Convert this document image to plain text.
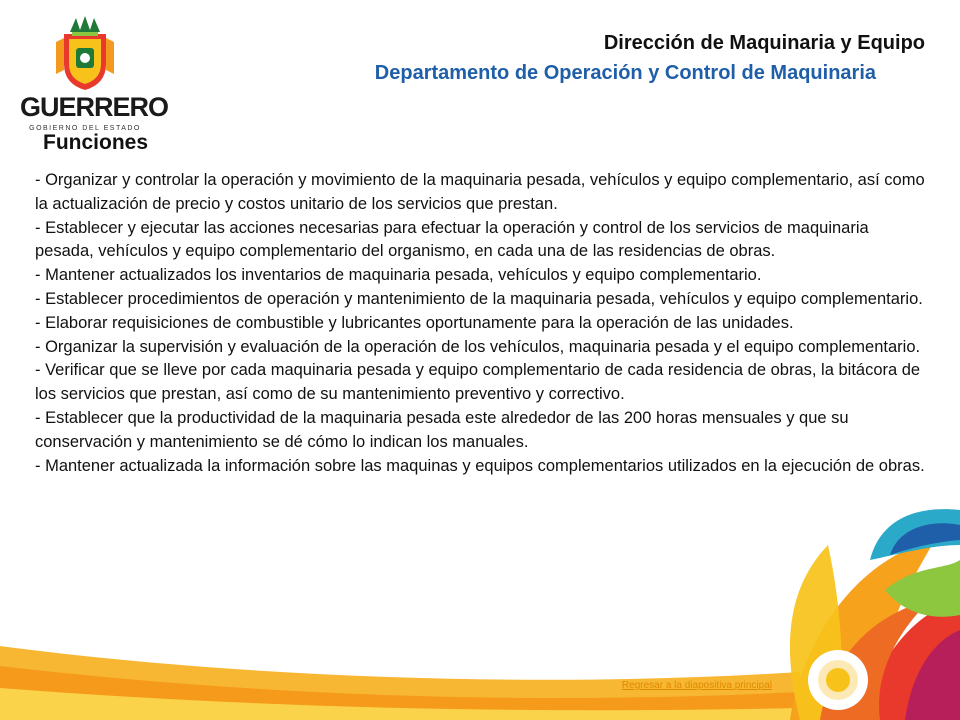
GUERRERO
GOBIERNO DEL ESTADO
Dirección de Maquinaria y Equipo
Departamento de Operación y Control de Maquinaria
Funciones

- Organizar y controlar la operación y movimiento de la maquinaria pesada, vehículos y equipo complementario, así como la actualización de precio y costos unitario de los servicios que prestan.

- Establecer y ejecutar las acciones necesarias para efectuar la operación y control de los servicios de maquinaria pesada, vehículos y equipo complementario del organismo, en cada una de las residencias de obras.

- Mantener actualizados los inventarios de maquinaria pesada, vehículos y equipo complementario.

- Establecer procedimientos de operación y mantenimiento de la maquinaria pesada, vehículos y equipo complementario.

- Elaborar requisiciones de combustible y lubricantes oportunamente para la operación de las unidades.

- Organizar la supervisión y evaluación de la operación de los vehículos, maquinaria pesada y el equipo complementario.

- Verificar que se lleve por cada maquinaria pesada y equipo complementario de cada residencia de obras, la bitácora de los servicios que prestan, así como de su mantenimiento preventivo y correctivo.

- Establecer que la productividad de la maquinaria pesada este alrededor de las 200 horas mensuales y que su conservación y mantenimiento se dé cómo lo indican los manuales.

- Mantener actualizada la información sobre las maquinas y equipos complementarios utilizados en la ejecución de obras.

Regresar a la diapositiva principal
